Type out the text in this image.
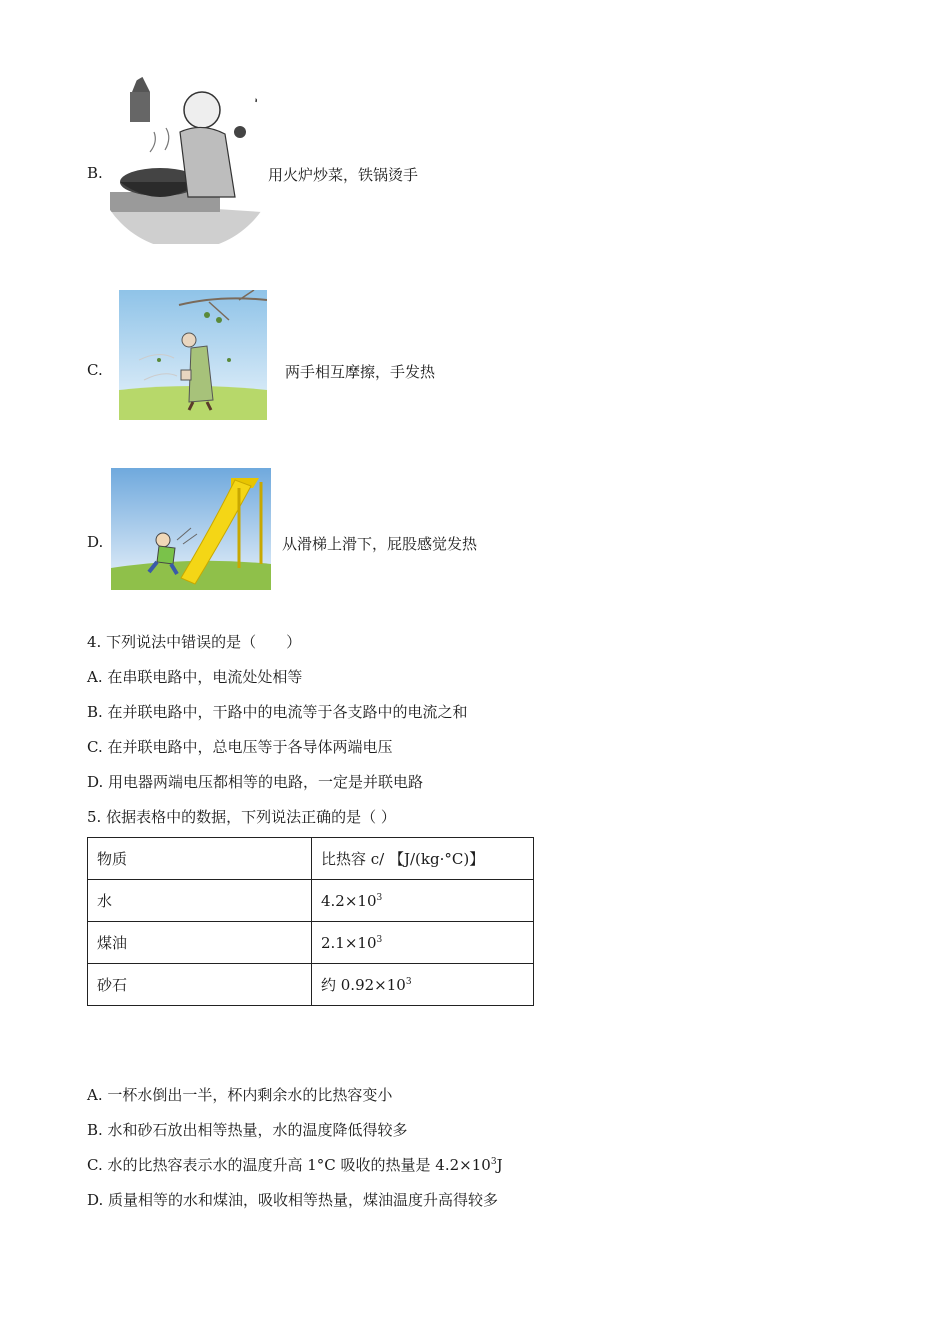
B.	用火炉炒菜，铁锅烫手
C.	两手相互摩擦，手发热
D.	从滑梯上滑下，屁股感觉发热
4. 下列说法中错误的是（　　）
A. 在串联电路中，电流处处相等
B. 在并联电路中，干路中的电流等于各支路中的电流之和
C. 在并联电路中，总电压等于各导体两端电压
D. 用电器两端电压都相等的电路，一定是并联电路
5. 依据表格中的数据，下列说法正确的是（ ）
物质	比热容 c/ 【J/(kg·°C)】
水	$4.2\times 10^3$
煤油	$2.1\times 10^3$
砂石	约 $0.92\times 10^3$
A. 一杯水倒出一半，杯内剩余水的比热容变小
B. 水和砂石放出相等热量，水的温度降低得较多
C. 水的比热容表示水的温度升高 1°C 吸收的热量是 $4.2\times 10^3J$
D. 质量相等的水和煤油，吸收相等热量，煤油温度升高得较多
